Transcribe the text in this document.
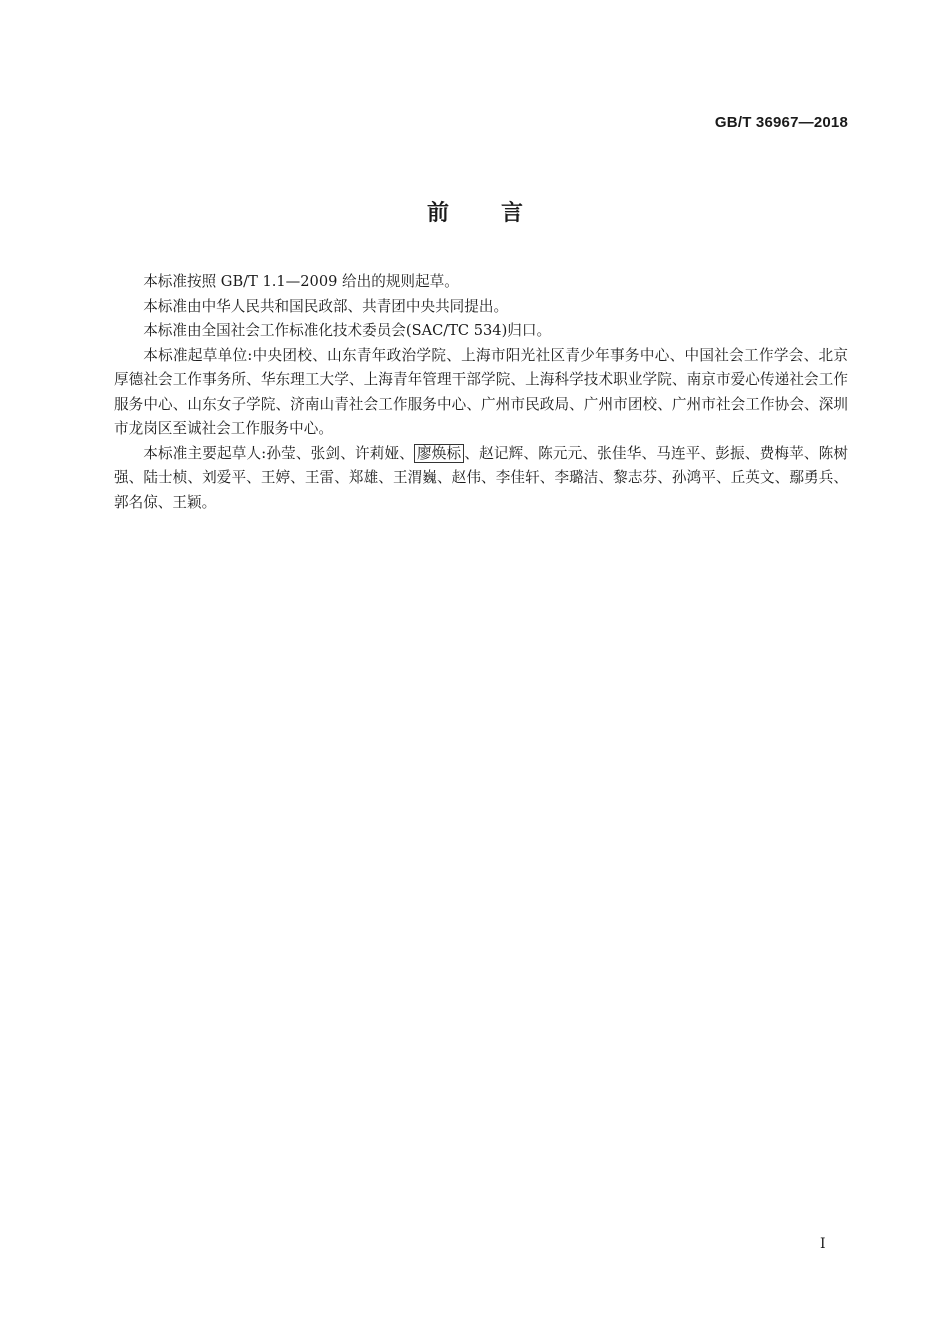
GB/T 36967—2018
前言

本标准按照 GB/T 1.1—2009 给出的规则起草。

本标准由中华人民共和国民政部、共青团中央共同提出。

本标准由全国社会工作标准化技术委员会(SAC/TC 534)归口。

本标准起草单位:中央团校、山东青年政治学院、上海市阳光社区青少年事务中心、中国社会工作学会、北京厚德社会工作事务所、华东理工大学、上海青年管理干部学院、上海科学技术职业学院、南京市爱心传递社会工作服务中心、山东女子学院、济南山青社会工作服务中心、广州市民政局、广州市团校、广州市社会工作协会、深圳市龙岗区至诚社会工作服务中心。

本标准主要起草人:孙莹、张剑、许莉娅、 廖焕标 、赵记辉、陈元元、张佳华、马连平、彭振、费梅苹、陈树强、陆士桢、刘爱平、王婷、王雷、郑雄、王渭巍、赵伟、李佳轩、李璐洁、黎志芬、孙鸿平、丘英文、鄢勇兵、郭名倞、王颖。

I
